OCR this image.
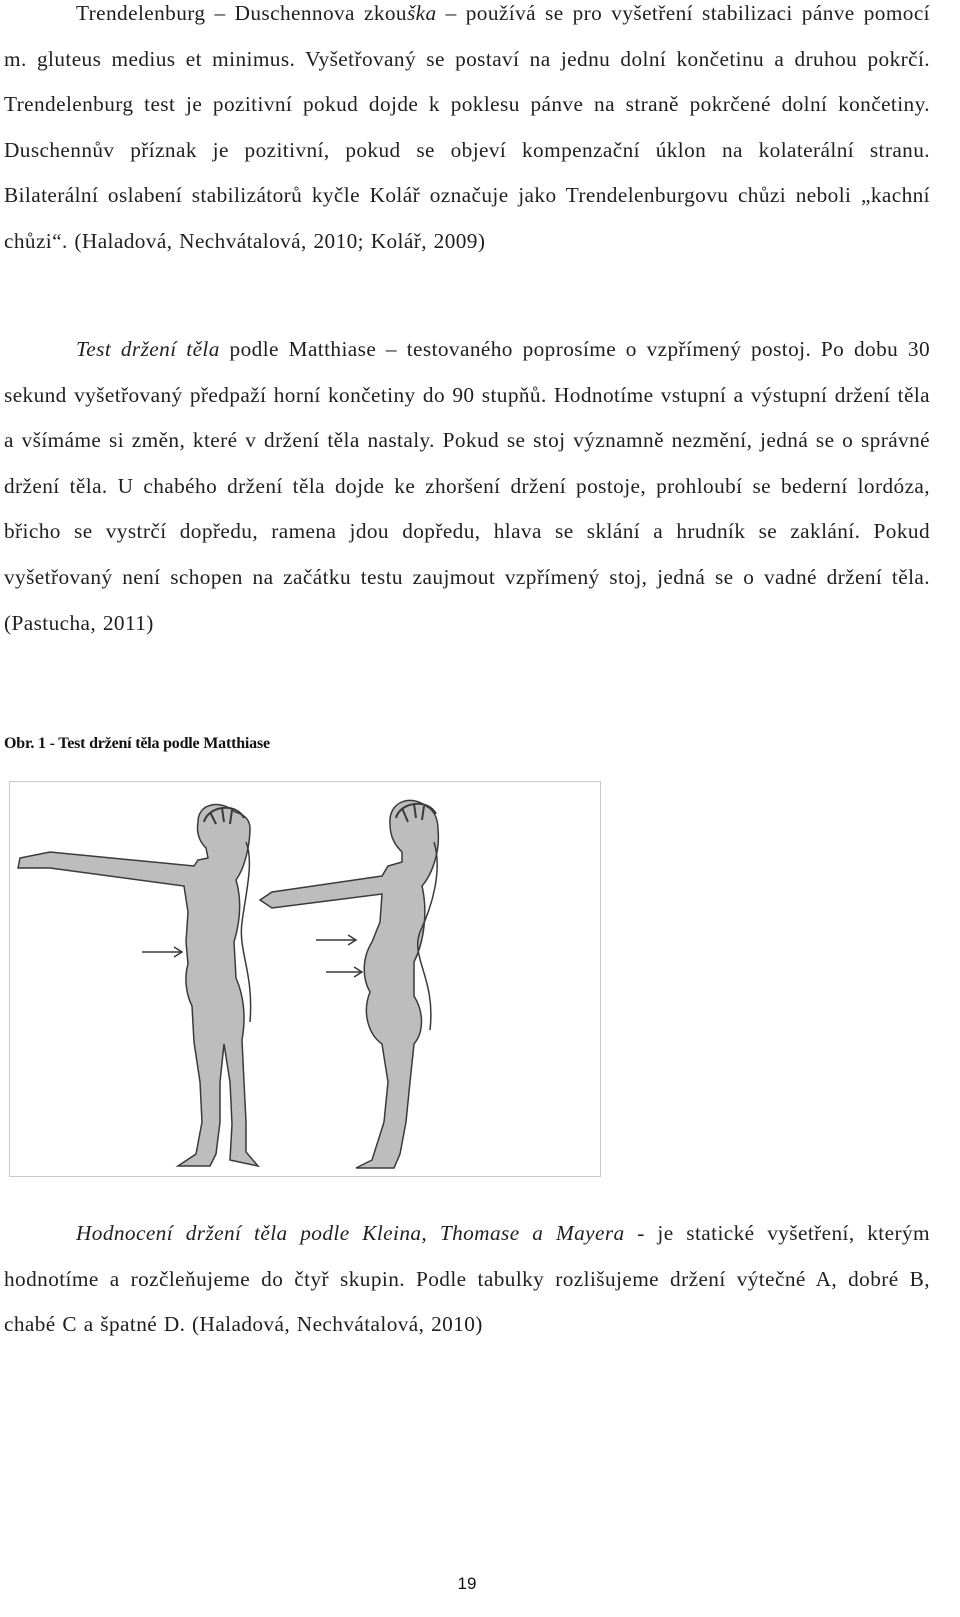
Trendelenburg – Duschennova zkouška – používá se pro vyšetření stabilizaci pánve pomocí m. gluteus medius et minimus. Vyšetřovaný se postaví na jednu dolní končetinu a druhou pokrčí. Trendelenburg test je pozitivní pokud dojde k poklesu pánve na straně pokrčené dolní končetiny. Duschennův příznak je pozitivní, pokud se objeví kompenzační úklon na kolaterální stranu. Bilaterální oslabení stabilizátorů kyčle Kolář označuje jako Trendelenburgovu chůzi neboli „kachní chůzi“. (Haladová, Nechvátalová, 2010; Kolář, 2009)

Test držení těla podle Matthiase – testovaného poprosíme o vzpřímený postoj. Po dobu 30 sekund vyšetřovaný předpaží horní končetiny do 90 stupňů. Hodnotíme vstupní a výstupní držení těla a všímáme si změn, které v držení těla nastaly. Pokud se stoj významně nezmění, jedná se o správné držení těla. U chabého držení těla dojde ke zhoršení držení postoje, prohloubí se bederní lordóza, břicho se vystrčí dopředu, ramena jdou dopředu, hlava se sklání a hrudník se zaklání. Pokud vyšetřovaný není schopen na začátku testu zaujmout vzpřímený stoj, jedná se o vadné držení těla. (Pastucha, 2011)

Obr. 1 - Test držení těla podle Matthiase

Hodnocení držení těla podle Kleina, Thomase a Mayera - je statické vyšetření, kterým hodnotíme a rozčleňujeme do čtyř skupin. Podle tabulky rozlišujeme držení výtečné A, dobré B, chabé C a špatné D. (Haladová, Nechvátalová, 2010)

19
